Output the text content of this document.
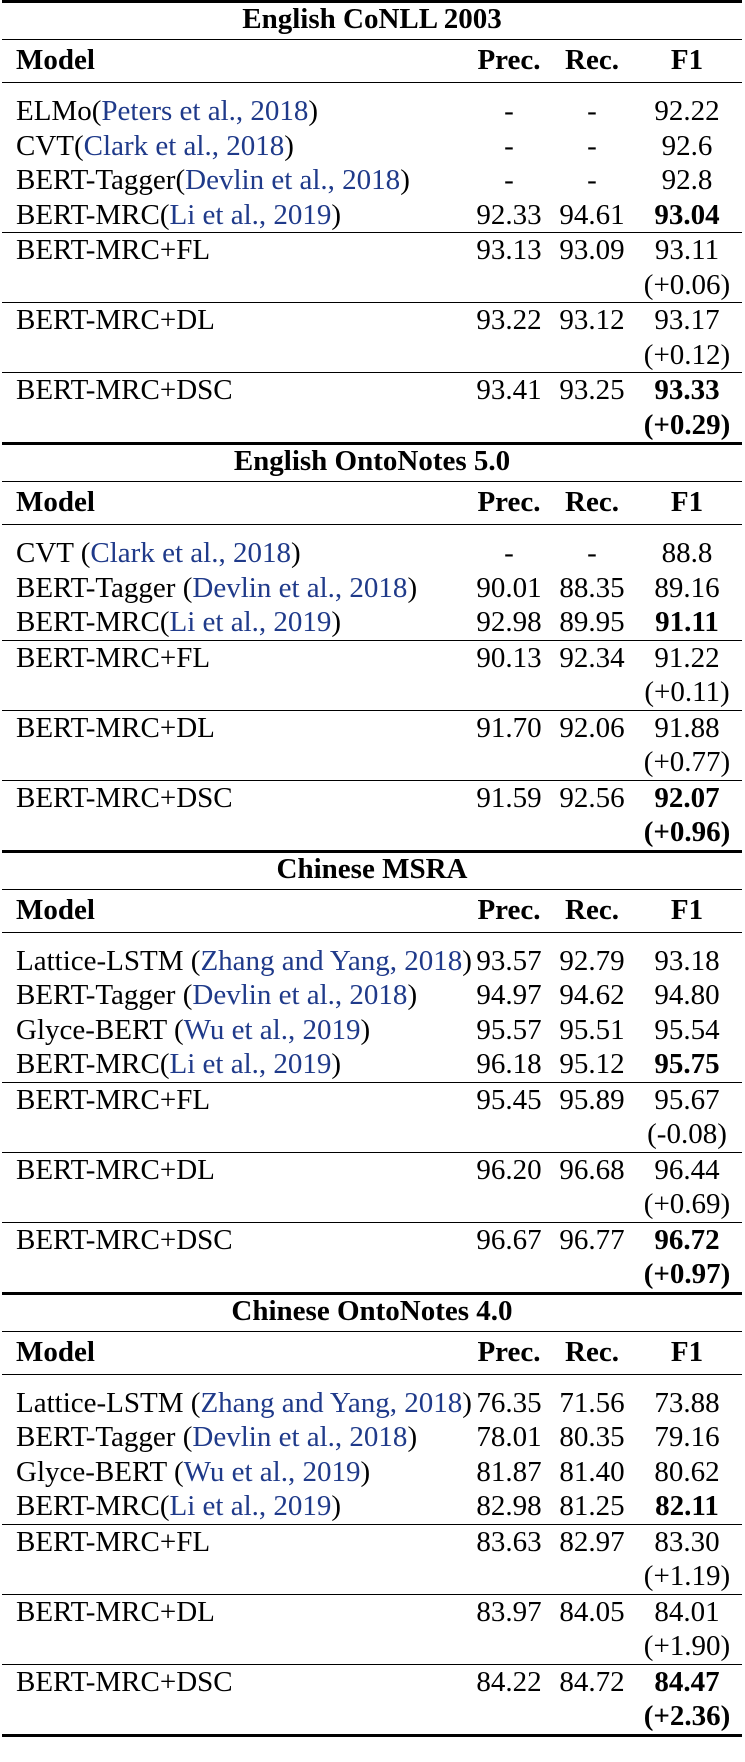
English CoNLL 2003
Model	Prec. Rec.	F1
ELMo(Peters et al., 2018)	-	-	92.22
CVT(Clark et al., 2018)	-	-	92.6
BERT-Tagger(Devlin et al., 2018)	-	-	92.8
BERT-MRC(Li et al., 2019)	92.33 94.61	93.04
BERT-MRC+FL	93.13 93.09	93.11
(+0.06)
BERT-MRC+DL	93.22 93.12	93.17
(+0.12)
BERT-MRC+DSC	93.41 93.25	93.33
(+0.29)
English OntoNotes 5.0
Model	Prec. Rec.	F1
CVT (Clark et al., 2018)	-	-	88.8
BERT-Tagger (Devlin et al., 2018) 90.01 88.35	89.16
BERT-MRC(Li et al., 2019)	92.98 89.95	91.11
BERT-MRC+FL	90.13 92.34	91.22
(+0.11)
BERT-MRC+DL	91.70 92.06	91.88
(+0.77)
BERT-MRC+DSC	91.59 92.56	92.07
(+0.96)
Chinese MSRA
Model	Prec. Rec.	F1
Lattice-LSTM (Zhang and Yang, 2018) 93.57 92.79	93.18
BERT-Tagger (Devlin et al., 2018) 94.97 94.62	94.80
Glyce-BERT (Wu et al., 2019)	95.57 95.51	95.54
BERT-MRC(Li et al., 2019)	96.18 95.12	95.75
BERT-MRC+FL	95.45 95.89	95.67
(-0.08)
BERT-MRC+DL	96.20 96.68	96.44
(+0.69)
BERT-MRC+DSC	96.67 96.77	96.72
(+0.97)
Chinese OntoNotes 4.0
Model	Prec. Rec.	F1
Lattice-LSTM (Zhang and Yang, 2018) 76.35 71.56	73.88
BERT-Tagger (Devlin et al., 2018) 78.01 80.35	79.16
Glyce-BERT (Wu et al., 2019)	81.87 81.40	80.62
BERT-MRC(Li et al., 2019)	82.98 81.25	82.11
BERT-MRC+FL	83.63 82.97	83.30
(+1.19)
BERT-MRC+DL	83.97 84.05	84.01
(+1.90)
BERT-MRC+DSC	84.22 84.72	84.47
(+2.36)
